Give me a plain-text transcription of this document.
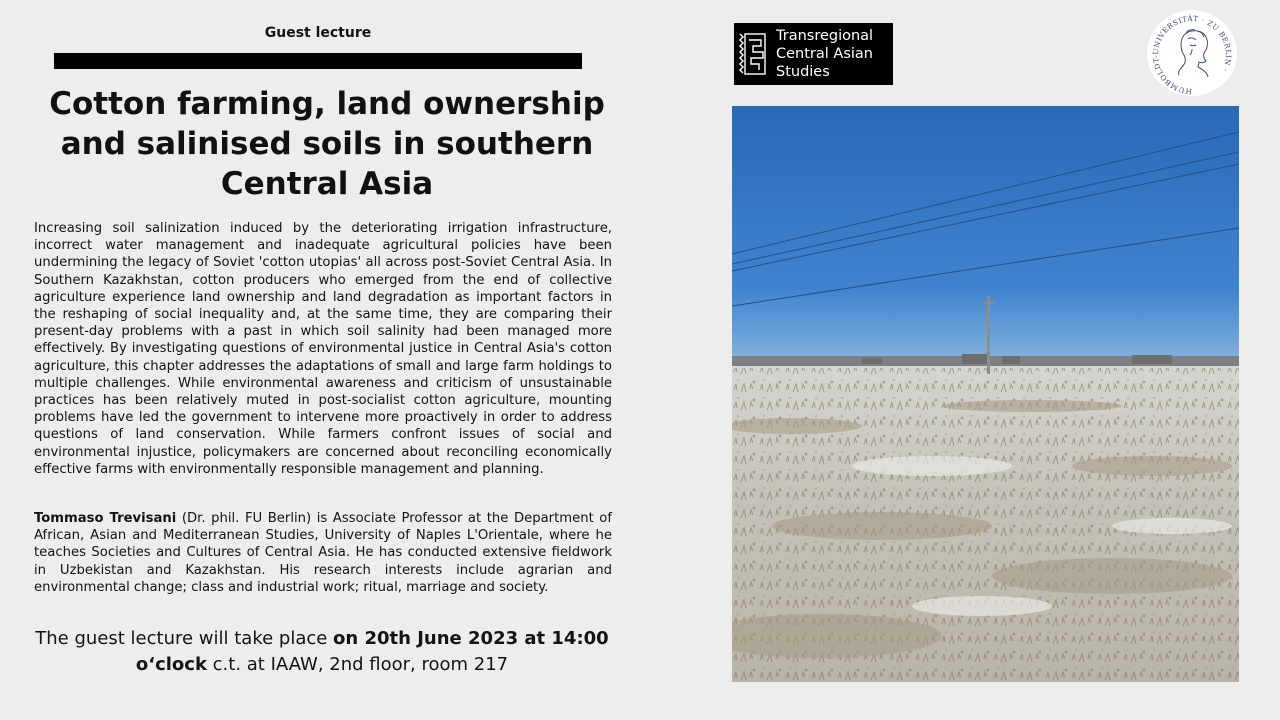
Guest lecture
Cotton farming, land ownership
and salinised soils in southern
Central Asia

Increasing soil salinization induced by the deteriorating irrigation infrastructure, incorrect water management and inadequate agricultural policies have been undermining the legacy of Soviet 'cotton utopias' all across post-Soviet Central Asia. In Southern Kazakhstan, cotton producers who emerged from the end of collective agriculture experience land ownership and land degradation as important factors in the reshaping of social inequality and, at the same time, they are comparing their present-day problems with a past in which soil salinity had been managed more effectively. By investigating questions of environmental justice in Central Asia's cotton agriculture, this chapter addresses the adaptations of small and large farm holdings to multiple challenges. While environmental awareness and criticism of unsustainable practices has been relatively muted in post-socialist cotton agriculture, mounting problems have led the government to intervene more proactively in order to address questions of land conservation. While farmers confront issues of social and environmental injustice, policymakers are concerned about reconciling economically effective farms with environmentally responsible management and planning.

Tommaso Trevisani (Dr. phil. FU Berlin) is Associate Professor at the Department of African, Asian and Mediterranean Studies, University of Naples L'Orientale, where he teaches Societies and Cultures of Central Asia. He has conducted extensive fieldwork in Uzbekistan and Kazakhstan. His research interests include agrarian and environmental change; class and industrial work; ritual, marriage and society.

The guest lecture will take place on 20th June 2023 at 14:00 o‘clock c.t. at IAAW, 2nd floor, room 217

Transregional
Central Asian
Studies
HUMBOLDT-UNIVERSITÄT · ZU BERLIN ·
